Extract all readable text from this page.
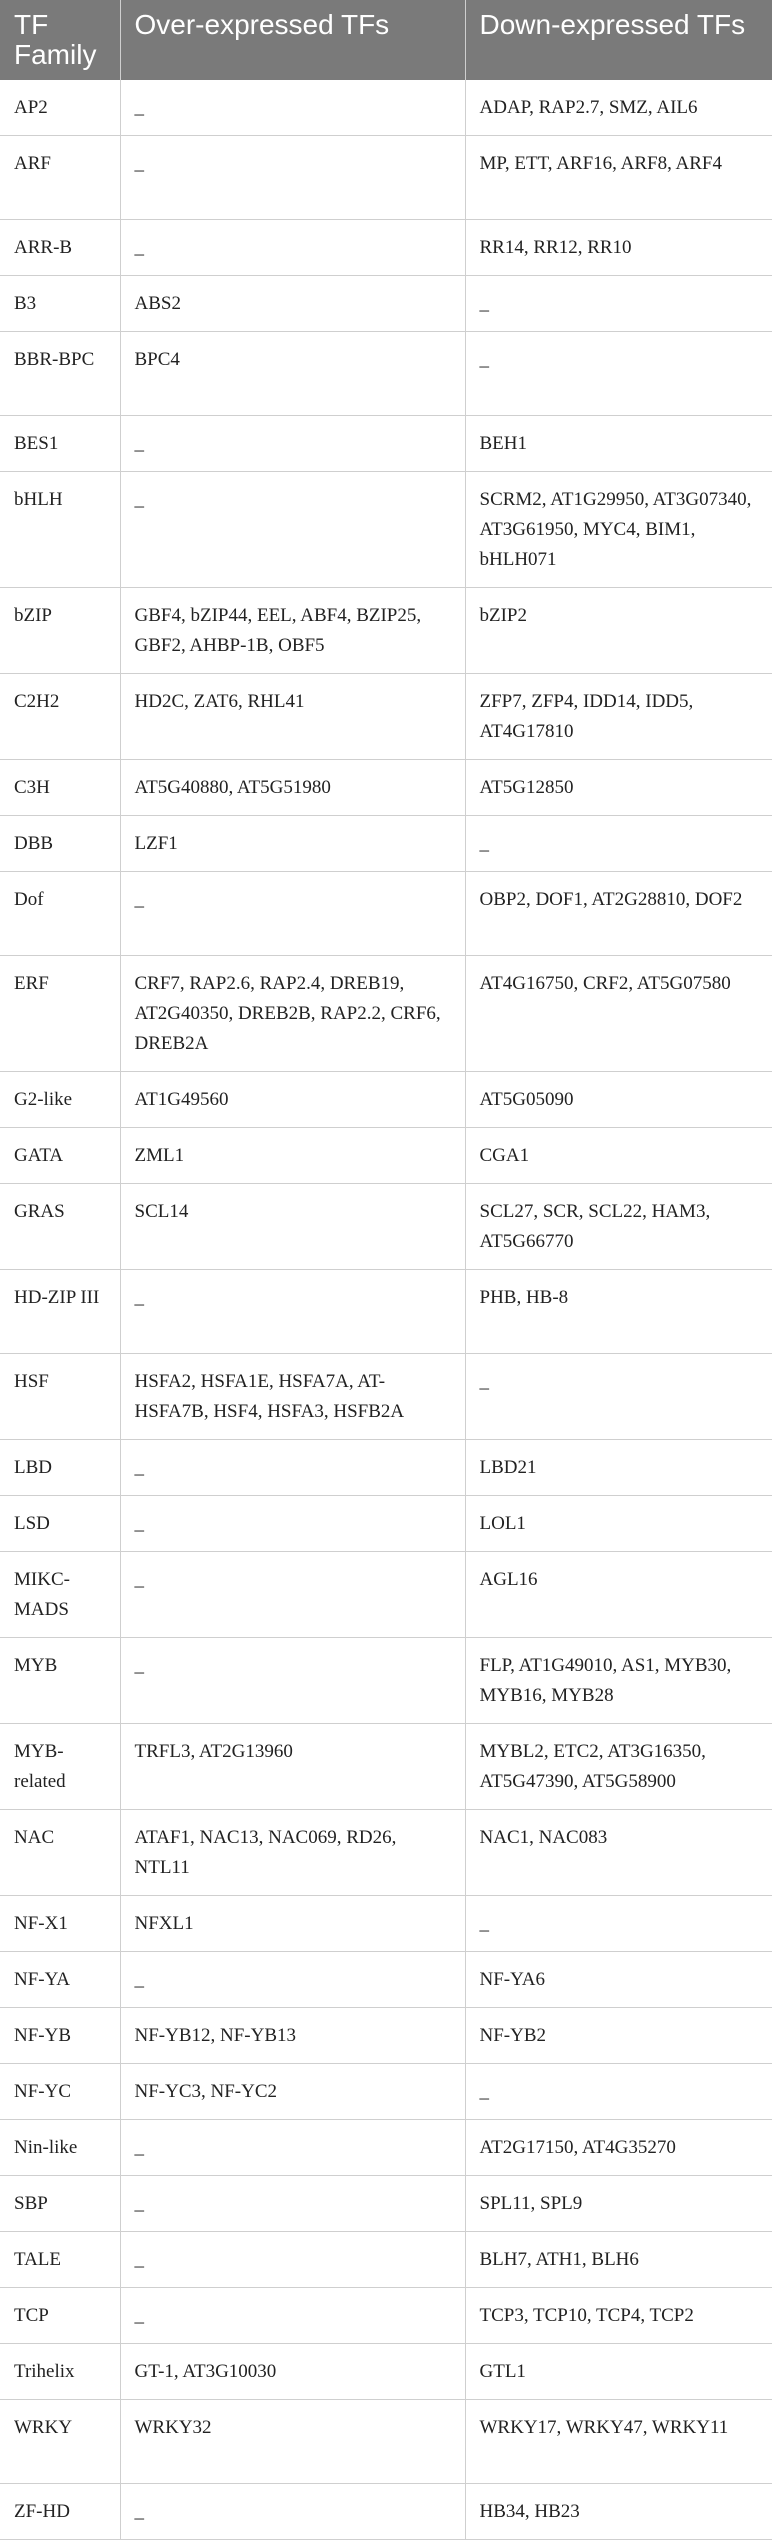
TF Family	Over-expressed TFs	Down-expressed TFs
AP2	_	ADAP, RAP2.7, SMZ, AIL6
ARF	_	MP, ETT, ARF16, ARF8, ARF4
ARR-B	_	RR14, RR12, RR10
B3	ABS2	_
BBR-BPC	BPC4	_
BES1	_	BEH1
bHLH	_	SCRM2, AT1G29950, AT3G07340, AT3G61950, MYC4, BIM1, bHLH071
bZIP	GBF4, bZIP44, EEL, ABF4, BZIP25, GBF2, AHBP-1B, OBF5	bZIP2
C2H2	HD2C, ZAT6, RHL41	ZFP7, ZFP4, IDD14, IDD5, AT4G17810
C3H	AT5G40880, AT5G51980	AT5G12850
DBB	LZF1	_
Dof	_	OBP2, DOF1, AT2G28810, DOF2
ERF	CRF7, RAP2.6, RAP2.4, DREB19, AT2G40350, DREB2B, RAP2.2, CRF6, DREB2A	AT4G16750, CRF2, AT5G07580
G2-like	AT1G49560	AT5G05090
GATA	ZML1	CGA1
GRAS	SCL14	SCL27, SCR, SCL22, HAM3, AT5G66770
HD-ZIP III	_	PHB, HB-8
HSF	HSFA2, HSFA1E, HSFA7A, AT-HSFA7B, HSF4, HSFA3, HSFB2A	_
LBD	_	LBD21
LSD	_	LOL1
MIKC-MADS	_	AGL16
MYB	_	FLP, AT1G49010, AS1, MYB30, MYB16, MYB28
MYB-related	TRFL3, AT2G13960	MYBL2, ETC2, AT3G16350, AT5G47390, AT5G58900
NAC	ATAF1, NAC13, NAC069, RD26, NTL11	NAC1, NAC083
NF-X1	NFXL1	_
NF-YA	_	NF-YA6
NF-YB	NF-YB12, NF-YB13	NF-YB2
NF-YC	NF-YC3, NF-YC2	_
Nin-like	_	AT2G17150, AT4G35270
SBP	_	SPL11, SPL9
TALE	_	BLH7, ATH1, BLH6
TCP	_	TCP3, TCP10, TCP4, TCP2
Trihelix	GT-1, AT3G10030	GTL1
WRKY	WRKY32	WRKY17, WRKY47, WRKY11
ZF-HD	_	HB34, HB23
